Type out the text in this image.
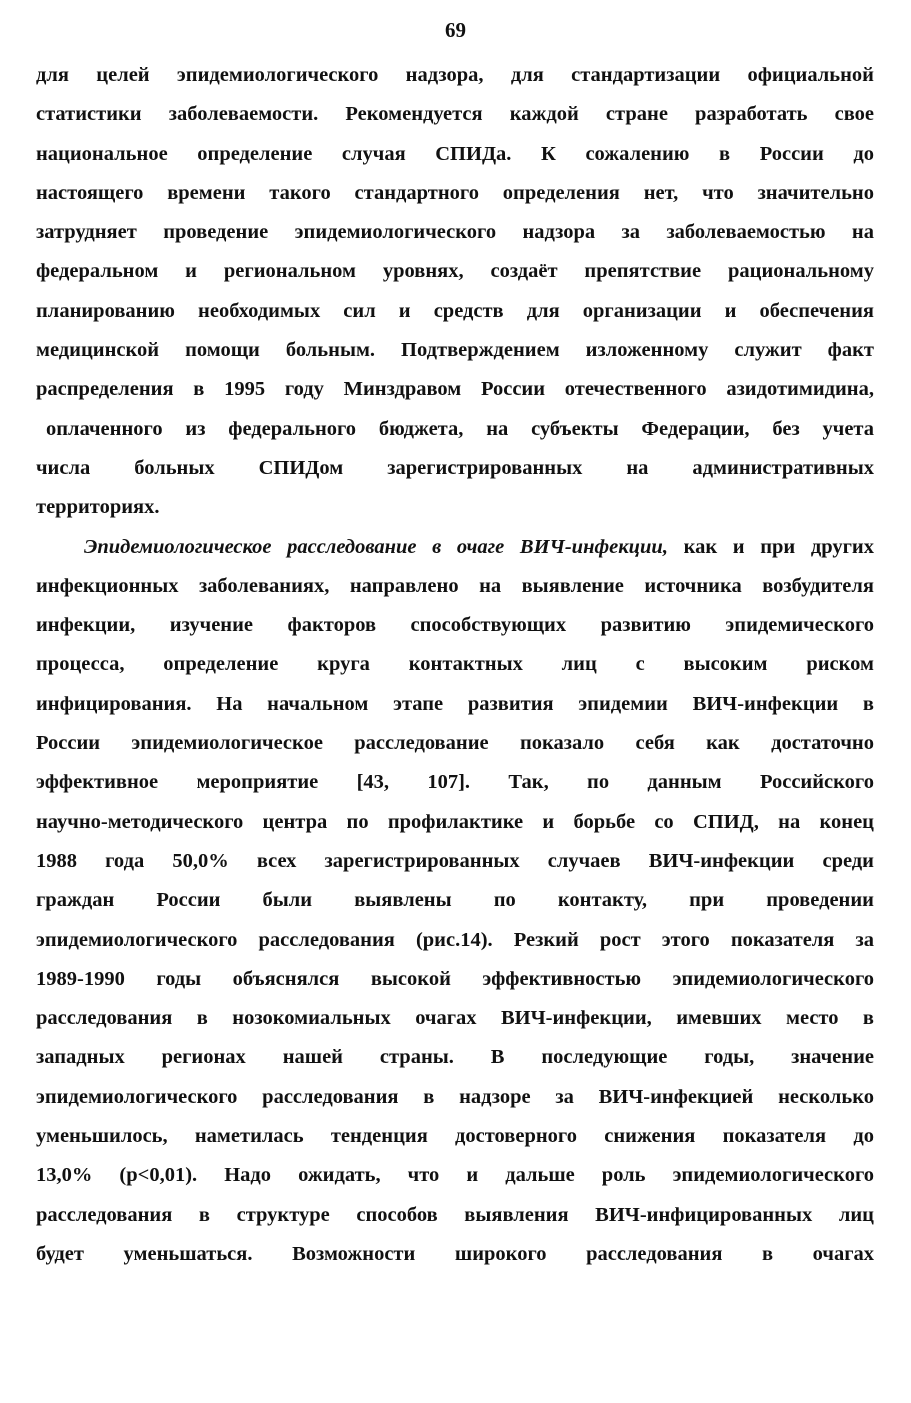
69
для целей эпидемиологического надзора, для стандартизации официальной
статистики заболеваемости. Рекомендуется каждой стране разработать свое
национальное определение случая СПИДа. К сожалению в России до
настоящего времени такого стандартного определения нет, что значительно
затрудняет проведение эпидемиологического надзора за заболеваемостью на
федеральном и региональном уровнях, создаёт препятствие рациональному
планированию необходимых сил и средств для организации и обеспечения
медицинской помощи больным. Подтверждением изложенному служит факт
распределения в 1995 году Минздравом России отечественного азидотимидина,
оплаченного из федерального бюджета, на субъекты Федерации, без учета
числа больных СПИДом зарегистрированных на административных
территориях.
Эпидемиологическое расследование в очаге ВИЧ-инфекции, как и при других
инфекционных заболеваниях, направлено на выявление источника возбудителя
инфекции, изучение факторов способствующих развитию эпидемического
процесса, определение круга контактных лиц с высоким риском
инфицирования. На начальном этапе развития эпидемии ВИЧ-инфекции в
России эпидемиологическое расследование показало себя как достаточно
эффективное мероприятие [43, 107]. Так, по данным Российского
научно-методического центра по профилактике и борьбе со СПИД, на конец
1988 года 50,0% всех зарегистрированных случаев ВИЧ-инфекции среди
граждан России были выявлены по контакту, при проведении
эпидемиологического расследования (рис.14). Резкий рост этого показателя за
1989-1990 годы объяснялся высокой эффективностью эпидемиологического
расследования в нозокомиальных очагах ВИЧ-инфекции, имевших место в
западных регионах нашей страны. В последующие годы, значение
эпидемиологического расследования в надзоре за ВИЧ-инфекцией несколько
уменьшилось, наметилась тенденция достоверного снижения показателя до
13,0% (p<0,01). Надо ожидать, что и дальше роль эпидемиологического
расследования в структуре способов выявления ВИЧ-инфицированных лиц
будет уменьшаться. Возможности широкого расследования в очагах
